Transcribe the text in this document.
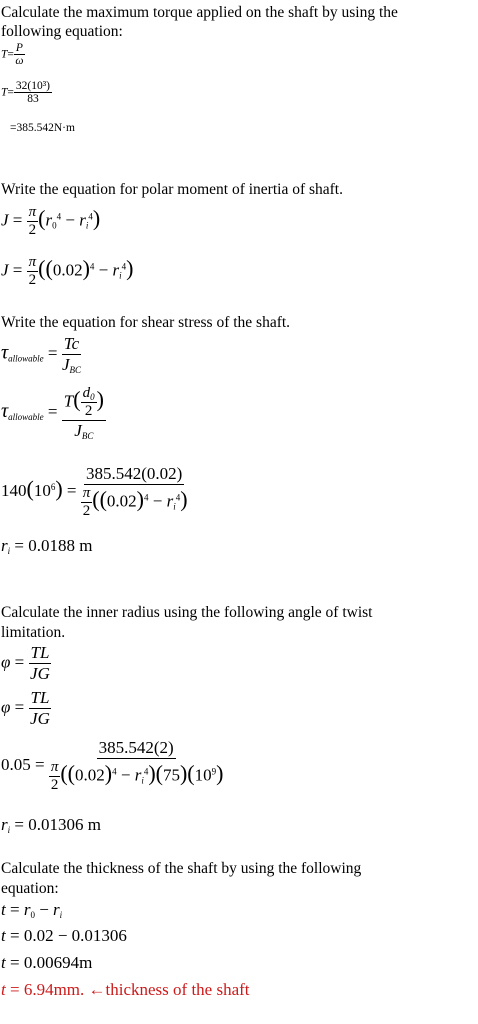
Calculate the maximum torque applied on the shaft by using the
following equation:
$T= \frac{P}{\omega}$
$T= \frac{\text{32(10³)}}{83}$
=385.542N·m
Write the equation for polar moment of inertia of shaft.
$J = \frac{\pi}{2} (r_0^4 - r_i^4)$
$J = \frac{\pi}{2} ((0.02)^4 - r_i^4)$
Write the equation for shear stress of the shaft.
$\tau_{allowable} = \frac{Tc}{J_{BC}}$
$\tau_{allowable} = \frac{T( \frac{d_0}{2} )}{J_{BC}}$
$140(10^6) = \frac{385.542(0.02)}{\frac{\pi}{2} ((0.02)^4 - r_i^4)}$
$r_i = 0.0188$ m
Calculate the inner radius using the following angle of twist
limitation.
$\varphi = \frac{TL}{JG}$
$\varphi = \frac{TL}{JG}$
$0.05 = \frac{385.542(2)}{\frac{\pi}{2} ((0.02)^4 - r_i^4)(75)(10^9)}$
$r_i = 0.01306$ m
Calculate the thickness of the shaft by using the following
equation:
$t = r_0 - r_i$
t = 0.02 − 0.01306
t = 0.00694m
t = 6.94mm. ←thickness of the shaft
